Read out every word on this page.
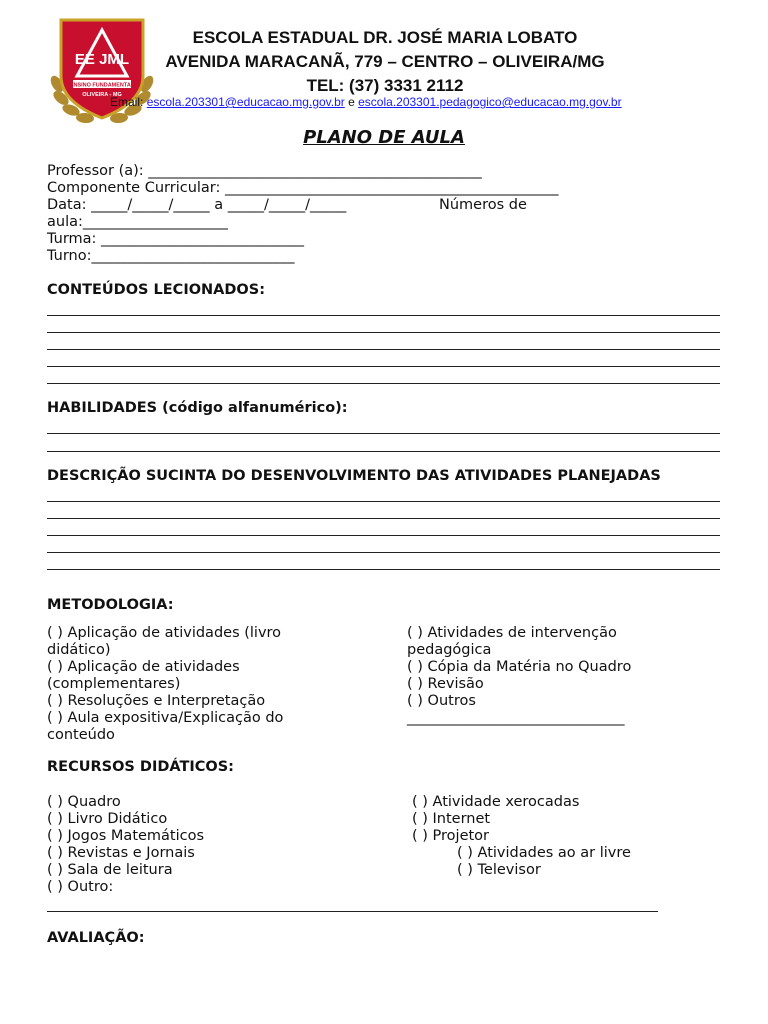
EE JML
ENSINO FUNDAMENTAL
OLIVEIRA - MG
ESCOLA ESTADUAL DR. JOSÉ MARIA LOBATO
AVENIDA MARACANÃ, 779 – CENTRO – OLIVEIRA/MG
TEL: (37) 3331 2112
Email: escola.203301@educacao.mg.gov.br e escola.203301.pedagogico@educacao.mg.gov.br
PLANO DE AULA
Professor (a): ______________________________________________
Componente Curricular: ______________________________________________
Data: _____/_____/_____ a _____/_____/_____	Números de
aula:____________________
Turma: ____________________________
Turno:____________________________
CONTEÚDOS LECIONADOS:
HABILIDADES (código alfanumérico):
DESCRIÇÃO SUCINTA DO DESENVOLVIMENTO DAS ATIVIDADES PLANEJADAS
METODOLOGIA:
( ) Aplicação de atividades (livro
didático)
( ) Aplicação de atividades
(complementares)
( ) Resoluções e Interpretação
( ) Aula expositiva/Explicação do
conteúdo
( ) Atividades de intervenção
pedagógica
( ) Cópia da Matéria no Quadro
( ) Revisão
( ) Outros
______________________________
RECURSOS DIDÁTICOS:
( ) Quadro
( ) Livro Didático
( ) Jogos Matemáticos
( ) Revistas e Jornais
( ) Sala de leitura
( ) Outro:
( ) Atividade xerocadas
( ) Internet
( ) Projetor
( ) Atividades ao ar livre
( ) Televisor
AVALIAÇÃO:
